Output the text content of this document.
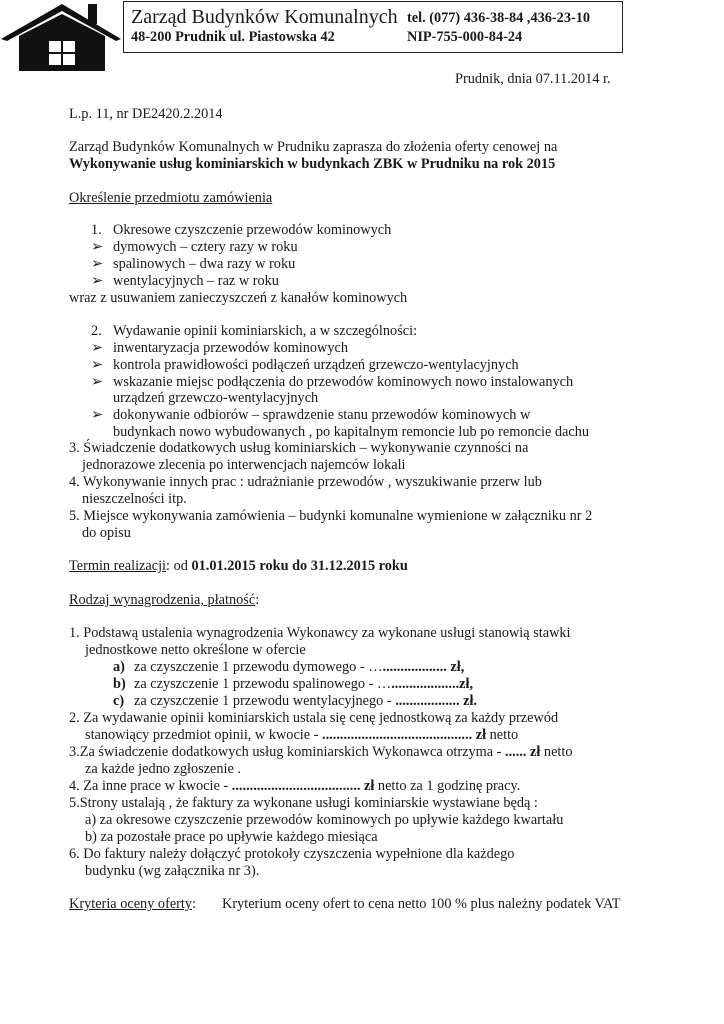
Zarząd Budynków Komunalnych tel. (077) 436-38-84 ,436-23-10
48-200 Prudnik ul. Piastowska 42	NIP-755-000-84-24
Prudnik, dnia 07.11.2014 r.
L.p. 11, nr DE2420.2.2014
Zarząd Budynków Komunalnych w Prudniku zaprasza do złożenia oferty cenowej na
Wykonywanie usług kominiarskich w budynkach ZBK w Prudniku na rok 2015
Określenie przedmiotu zamówienia
1. Okresowe czyszczenie przewodów kominowych
➢ dymowych – cztery razy w roku
➢ spalinowych – dwa razy w roku
➢ wentylacyjnych – raz w roku
wraz z usuwaniem zanieczyszczeń z kanałów kominowych
2. Wydawanie opinii kominiarskich, a w szczególności:
➢ inwentaryzacja przewodów kominowych
➢ kontrola prawidłowości podłączeń urządzeń grzewczo-wentylacyjnych
➢ wskazanie miejsc podłączenia do przewodów kominowych nowo instalowanych
urządzeń grzewczo-wentylacyjnych
➢ dokonywanie odbiorów – sprawdzenie stanu przewodów kominowych w
budynkach nowo wybudowanych , po kapitalnym remoncie lub po remoncie dachu
3. Świadczenie dodatkowych usług kominiarskich – wykonywanie czynności na
jednorazowe zlecenia po interwencjach najemców lokali
4. Wykonywanie innych prac : udrażnianie przewodów , wyszukiwanie przerw lub
nieszczelności itp.
5. Miejsce wykonywania zamówienia – budynki komunalne wymienione w załączniku nr 2
do opisu
Termin realizacji: od 01.01.2015 roku do 31.12.2015 roku
Rodzaj wynagrodzenia, płatność:
1. Podstawą ustalenia wynagrodzenia Wykonawcy za wykonane usługi stanowią stawki
jednostkowe netto określone w ofercie
a) za czyszczenie 1 przewodu dymowego - ….................. zł,
b) za czyszczenie 1 przewodu spalinowego - …...................zł,
c) za czyszczenie 1 przewodu wentylacyjnego - .................. zł.
2. Za wydawanie opinii kominiarskich ustala się cenę jednostkową za każdy przewód
stanowiący przedmiot opinii, w kwocie - .......................................... zł netto
3.Za świadczenie dodatkowych usług kominiarskich Wykonawca otrzyma - ...... zł netto
za każde jedno zgłoszenie .
4. Za inne prace w kwocie - .................................... zł netto za 1 godzinę pracy.
5.Strony ustalają , że faktury za wykonane usługi kominiarskie wystawiane będą :
a) za okresowe czyszczenie przewodów kominowych po upływie każdego kwartału
b) za pozostałe prace po upływie każdego miesiąca
6. Do faktury należy dołączyć protokoły czyszczenia wypełnione dla każdego
budynku (wg załącznika nr 3).
Kryteria oceny oferty: Kryterium oceny ofert to cena netto 100 % plus należny podatek VAT
